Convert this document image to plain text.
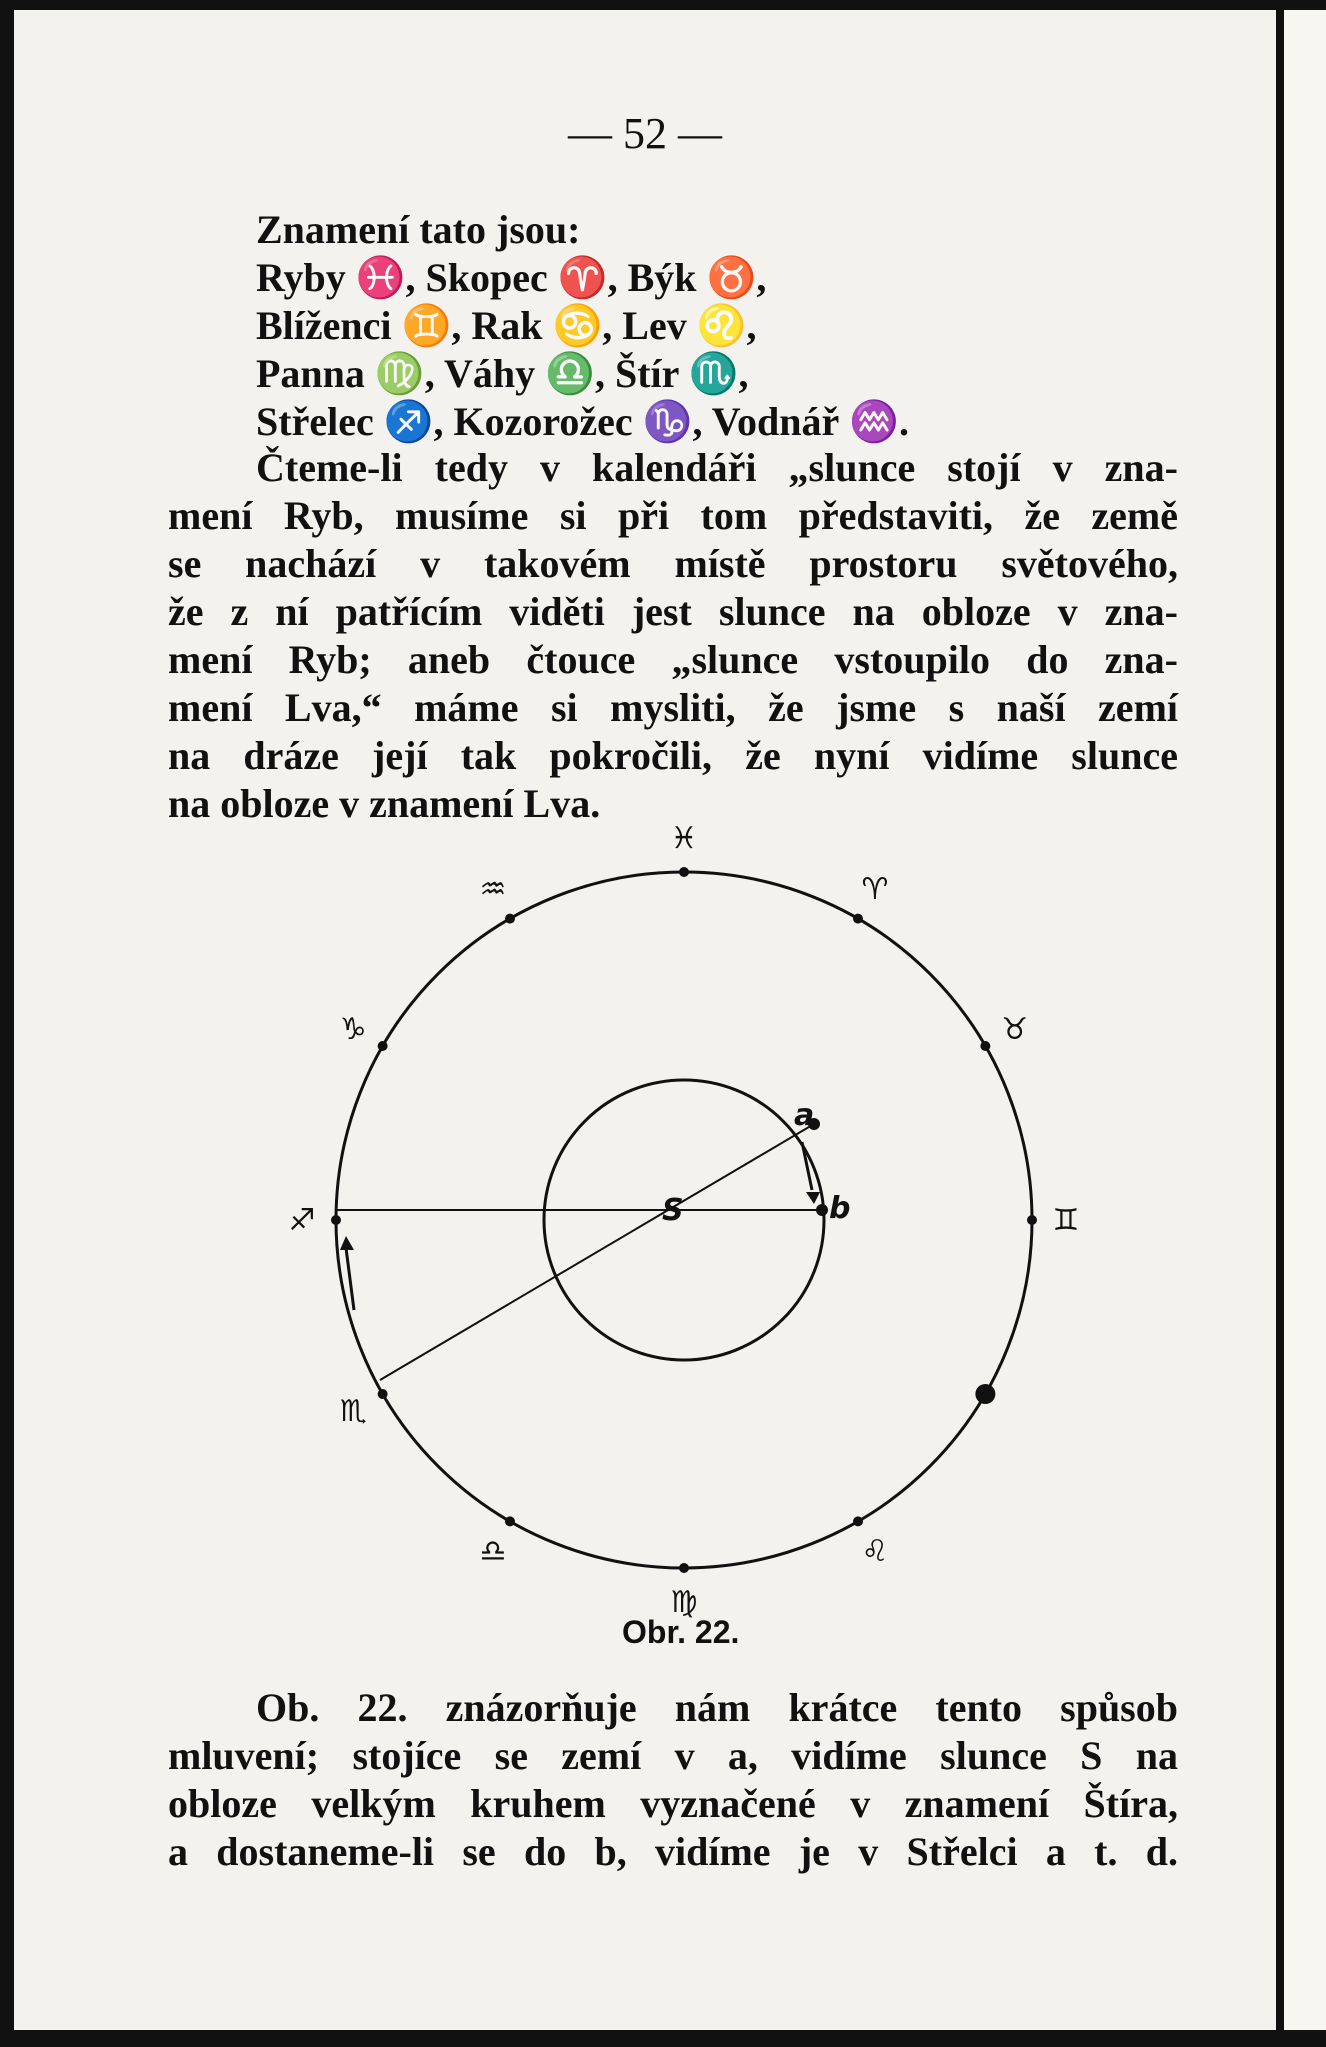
— 52 —
Znamení tato jsou:
Ryby ♓, Skopec ♈, Býk ♉,
Blíženci ♊, Rak ♋, Lev ♌,
Panna ♍, Váhy ♎, Štír ♏,
Střelec ♐, Kozorožec ♑, Vodnář ♒.
Čteme-li tedy v kalendáři „slunce stojí v zna-
mení Ryb, musíme si při tom představiti, že země
se nachází v takovém místě prostoru světového,
že z ní patřícím viděti jest slunce na obloze v zna-
mení Ryb; aneb čtouce „slunce vstoupilo do zna-
mení Lva,“ máme si mysliti, že jsme s naší zemí
na dráze její tak pokročili, že nyní vidíme slunce
na obloze v znamení Lva.
a
b
S
♓
♈
♉
♊
♌
♍
♎
♏
♐
♑
♒
Obr. 22.
Ob. 22. znázorňuje nám krátce tento spůsob
mluvení; stojíce se zemí v a, vidíme slunce S na
obloze velkým kruhem vyznačené v znamení Štíra,
a dostaneme-li se do b, vidíme je v Střelci a t. d.
